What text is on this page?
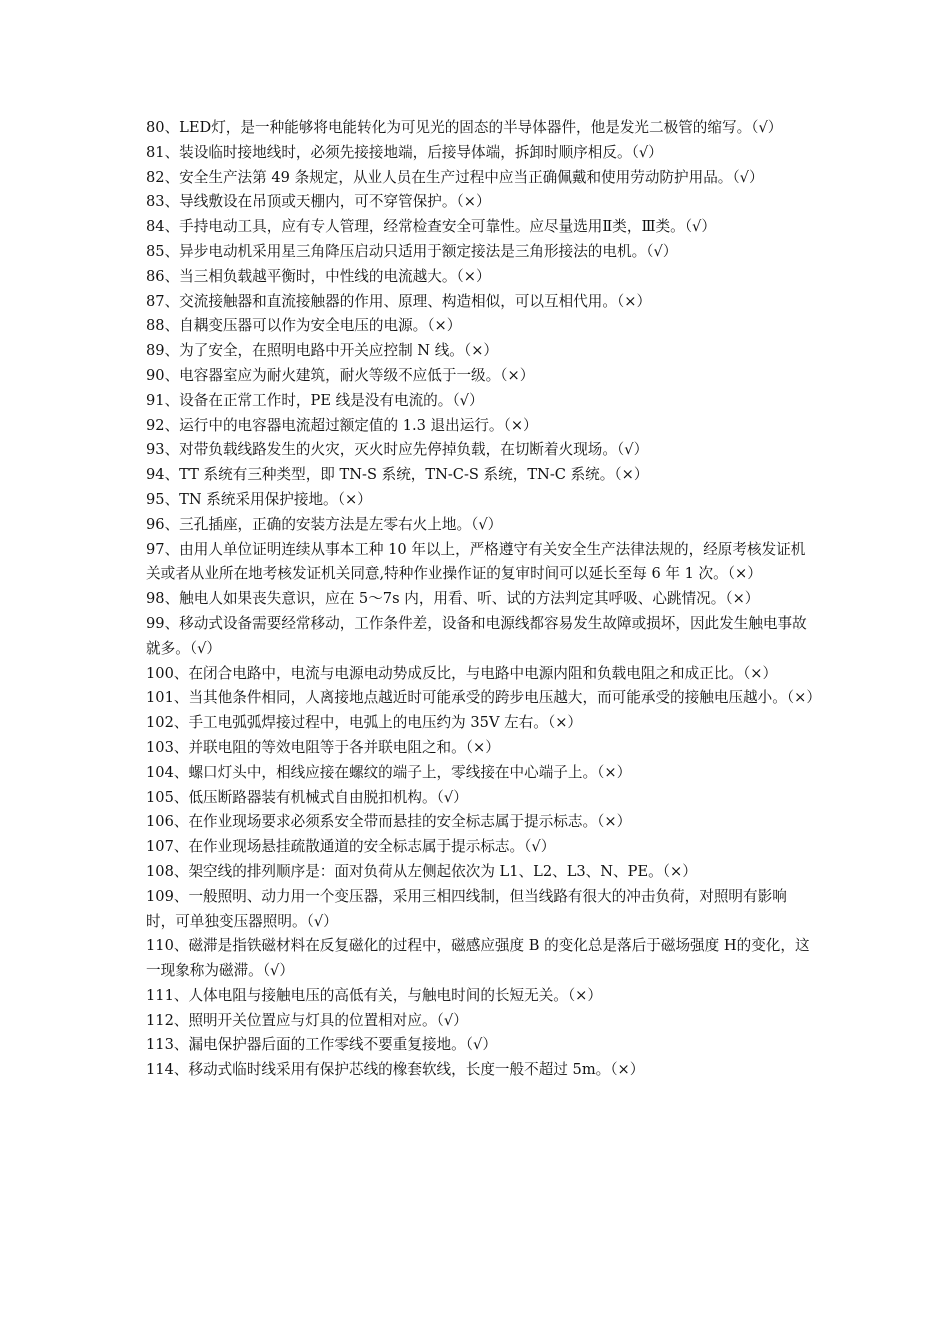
80、LED灯，是一种能够将电能转化为可见光的固态的半导体器件，他是发光二极管的缩写。（√）

81、装设临时接地线时，必须先接接地端，后接导体端，拆卸时顺序相反。（√）

82、安全生产法第 49 条规定，从业人员在生产过程中应当正确佩戴和使用劳动防护用品。（√）

83、导线敷设在吊顶或天棚内，可不穿管保护。（×）

84、手持电动工具，应有专人管理，经常检查安全可靠性。应尽量选用Ⅱ类，Ⅲ类。（√）

85、异步电动机采用星三角降压启动只适用于额定接法是三角形接法的电机。（√）

86、当三相负载越平衡时，中性线的电流越大。（×）

87、交流接触器和直流接触器的作用、原理、构造相似，可以互相代用。（×）

88、自耦变压器可以作为安全电压的电源。（×）

89、为了安全，在照明电路中开关应控制 N 线。（×）

90、电容器室应为耐火建筑，耐火等级不应低于一级。（×）

91、设备在正常工作时，PE 线是没有电流的。（√）

92、运行中的电容器电流超过额定值的 1.3 退出运行。（×）

93、对带负载线路发生的火灾，灭火时应先停掉负载，在切断着火现场。（√）

94、TT 系统有三种类型，即 TN-S 系统，TN-C-S 系统，TN-C 系统。（×）

95、TN 系统采用保护接地。（×）

96、三孔插座，正确的安装方法是左零右火上地。（√）

97、由用人单位证明连续从事本工种 10 年以上，严格遵守有关安全生产法律法规的，经原考核发证机关或者从业所在地考核发证机关同意,特种作业操作证的复审时间可以延长至每 6 年 1 次。（×）

98、触电人如果丧失意识，应在 5～7s 内，用看、听、试的方法判定其呼吸、心跳情况。（×）

99、移动式设备需要经常移动，工作条件差，设备和电源线都容易发生故障或损坏，因此发生触电事故就多。（√）

100、在闭合电路中，电流与电源电动势成反比，与电路中电源内阻和负载电阻之和成正比。（×）

101、当其他条件相同，人离接地点越近时可能承受的跨步电压越大，而可能承受的接触电压越小。（×）

102、手工电弧弧焊接过程中，电弧上的电压约为 35V 左右。（×）

103、并联电阻的等效电阻等于各并联电阻之和。（×）

104、螺口灯头中，相线应接在螺纹的端子上，零线接在中心端子上。（×）

105、低压断路器装有机械式自由脱扣机构。（√）

106、在作业现场要求必须系安全带而悬挂的安全标志属于提示标志。（×）

107、在作业现场悬挂疏散通道的安全标志属于提示标志。（√）

108、架空线的排列顺序是：面对负荷从左侧起依次为 L1、L2、L3、N、PE。（×）

109、一般照明、动力用一个变压器，采用三相四线制，但当线路有很大的冲击负荷，对照明有影响时，可单独变压器照明。（√）

110、磁滞是指铁磁材料在反复磁化的过程中，磁感应强度 B 的变化总是落后于磁场强度 H的变化，这一现象称为磁滞。（√）

111、人体电阻与接触电压的高低有关，与触电时间的长短无关。（×）

112、照明开关位置应与灯具的位置相对应。（√）

113、漏电保护器后面的工作零线不要重复接地。（√）

114、移动式临时线采用有保护芯线的橡套软线，长度一般不超过 5m。（×）
